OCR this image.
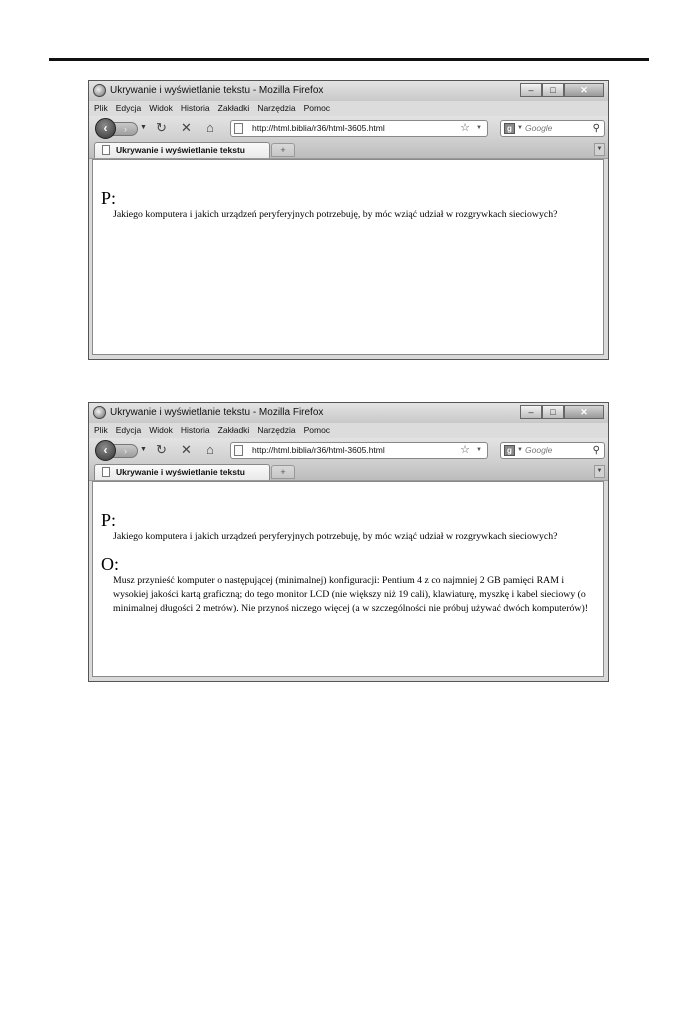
Ukrywanie i wyświetlanie tekstu - Mozilla Firefox	–	□	✕
Plik Edycja Widok Historia Zakładki Narzędzia Pomoc
›
‹	▼ ↻ ✕ ⌂	http://html.biblia/r36/html-3605.html	☆ ▼	g ▼ Google	⚲
Ukrywanie i wyświetlanie tekstu	+	▼
P:
Jakiego komputera i jakich urządzeń peryferyjnych potrzebuję, by móc wziąć udział w rozgrywkach sieciowych?
Ukrywanie i wyświetlanie tekstu - Mozilla Firefox	–	□	✕
Plik Edycja Widok Historia Zakładki Narzędzia Pomoc
›
‹	▼ ↻ ✕ ⌂	http://html.biblia/r36/html-3605.html	☆ ▼	g ▼ Google	⚲
Ukrywanie i wyświetlanie tekstu	+	▼
P:
Jakiego komputera i jakich urządzeń peryferyjnych potrzebuję, by móc wziąć udział w rozgrywkach sieciowych?
O:
Musz przynieść komputer o następującej (minimalnej) konfiguracji: Pentium 4 z co najmniej 2 GB pamięci RAM i wysokiej jakości kartą graficzną; do tego monitor LCD (nie większy niż 19 cali), klawiaturę, myszkę i kabel sieciowy (o minimalnej długości 2 metrów). Nie przynoś niczego więcej (a w szczególności nie próbuj używać dwóch komputerów)!
